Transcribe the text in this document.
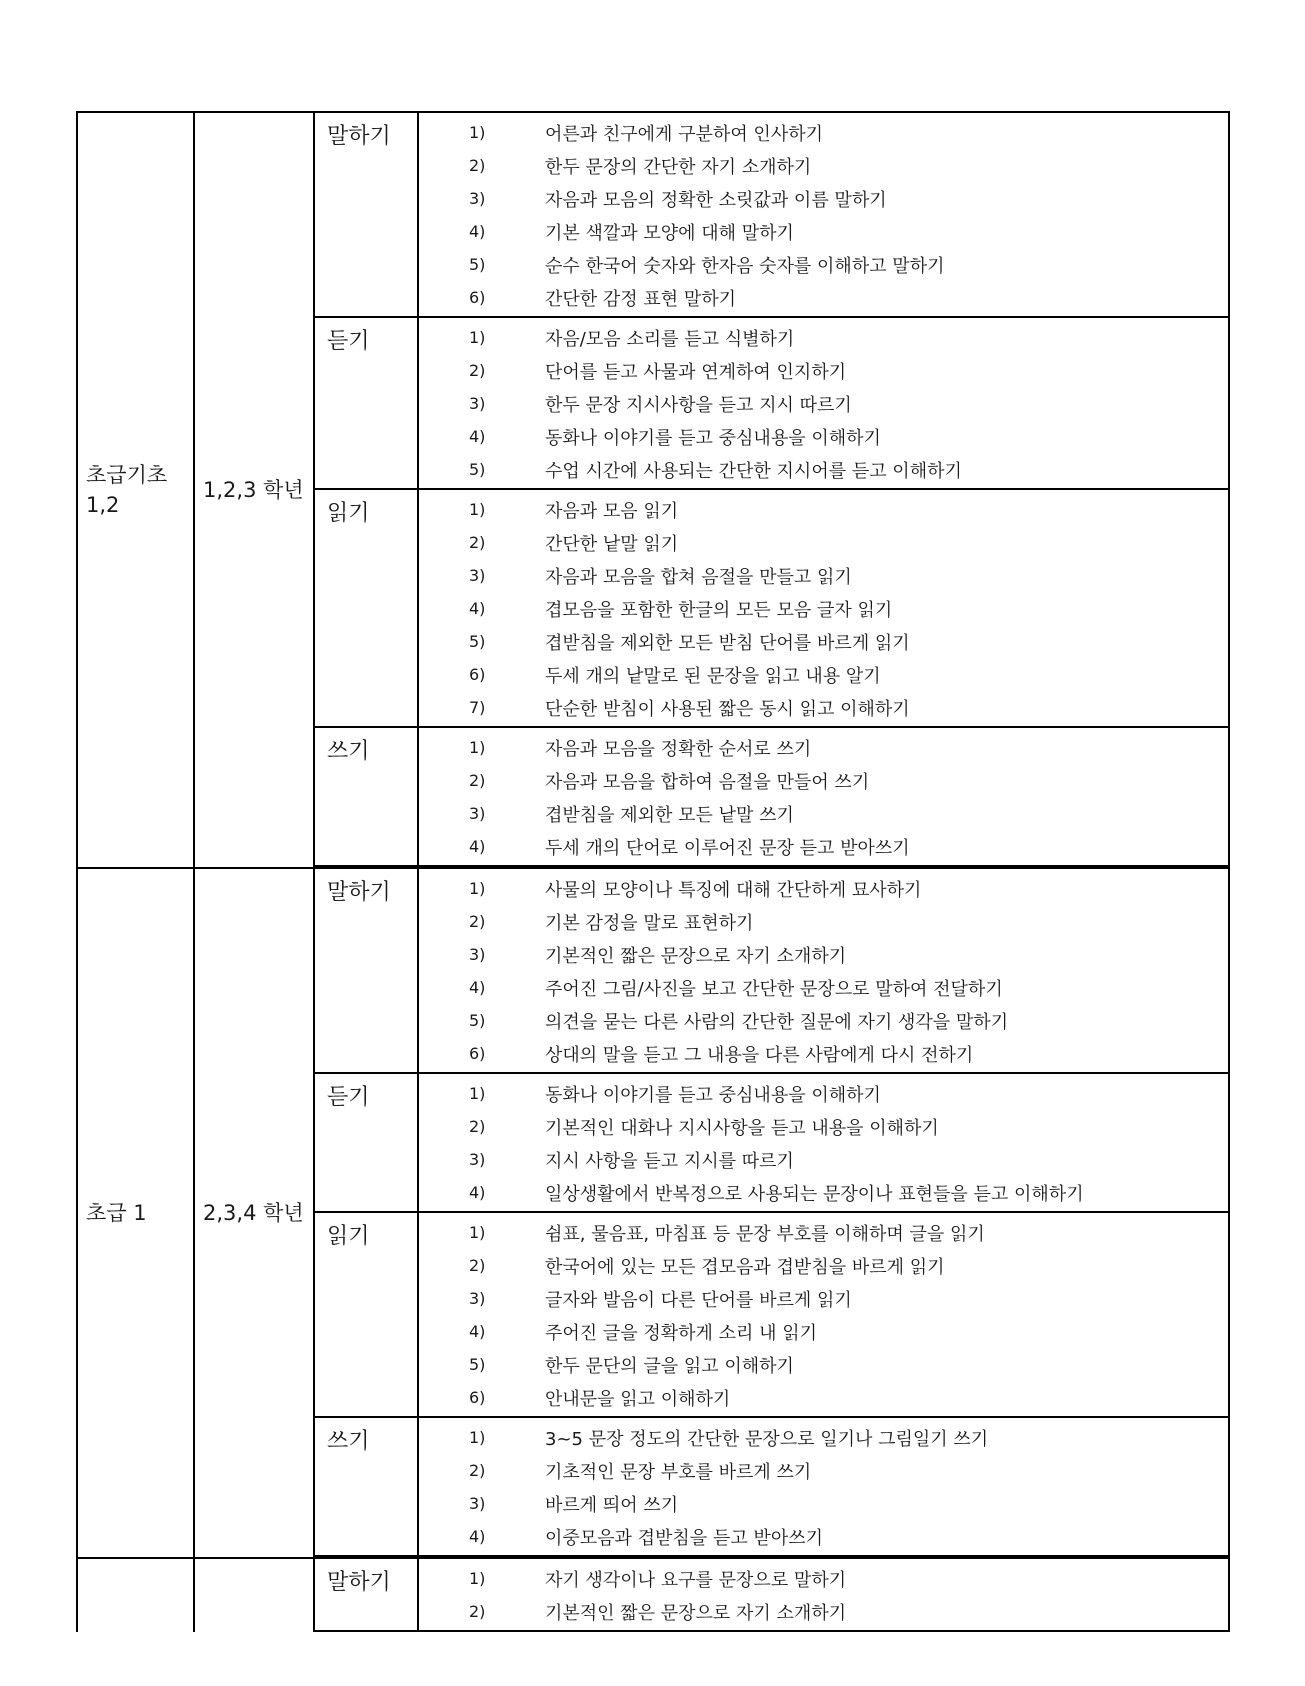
초급기초 1,2
1,2,3 학년
말하기	1)	어른과 친구에게 구분하여 인사하기
2)	한두 문장의 간단한 자기 소개하기
3)	자음과 모음의 정확한 소릿값과 이름 말하기
4)	기본 색깔과 모양에 대해 말하기
5)	순수 한국어 숫자와 한자음 숫자를 이해하고 말하기
6)	간단한 감정 표현 말하기
듣기	1)	자음/모음 소리를 듣고 식별하기
2)	단어를 듣고 사물과 연계하여 인지하기
3)	한두 문장 지시사항을 듣고 지시 따르기
4)	동화나 이야기를 듣고 중심내용을 이해하기
5)	수업 시간에 사용되는 간단한 지시어를 듣고 이해하기
읽기	1)	자음과 모음 읽기
2)	간단한 낱말 읽기
3)	자음과 모음을 합쳐 음절을 만들고 읽기
4)	겹모음을 포함한 한글의 모든 모음 글자 읽기
5)	겹받침을 제외한 모든 받침 단어를 바르게 읽기
6)	두세 개의 낱말로 된 문장을 읽고 내용 알기
7)	단순한 받침이 사용된 짧은 동시 읽고 이해하기
쓰기	1)	자음과 모음을 정확한 순서로 쓰기
2)	자음과 모음을 합하여 음절을 만들어 쓰기
3)	겹받침을 제외한 모든 낱말 쓰기
4)	두세 개의 단어로 이루어진 문장 듣고 받아쓰기
초급 1	2,3,4 학년
말하기	1)	사물의 모양이나 특징에 대해 간단하게 묘사하기
2)	기본 감정을 말로 표현하기
3)	기본적인 짧은 문장으로 자기 소개하기
4)	주어진 그림/사진을 보고 간단한 문장으로 말하여 전달하기
5)	의견을 묻는 다른 사람의 간단한 질문에 자기 생각을 말하기
6)	상대의 말을 듣고 그 내용을 다른 사람에게 다시 전하기
듣기	1)	동화나 이야기를 듣고 중심내용을 이해하기
2)	기본적인 대화나 지시사항을 듣고 내용을 이해하기
3)	지시 사항을 듣고 지시를 따르기
4)	일상생활에서 반복정으로 사용되는 문장이나 표현들을 듣고 이해하기
읽기	1)	쉼표, 물음표, 마침표 등 문장 부호를 이해하며 글을 읽기
2)	한국어에 있는 모든 겹모음과 겹받침을 바르게 읽기
3)	글자와 발음이 다른 단어를 바르게 읽기
4)	주어진 글을 정확하게 소리 내 읽기
5)	한두 문단의 글을 읽고 이해하기
6)	안내문을 읽고 이해하기
쓰기	1)	3~5 문장 정도의 간단한 문장으로 일기나 그림일기 쓰기
2)	기초적인 문장 부호를 바르게 쓰기
3)	바르게 띄어 쓰기
4)	이중모음과 겹받침을 듣고 받아쓰기
말하기	1)	자기 생각이나 요구를 문장으로 말하기
2)	기본적인 짧은 문장으로 자기 소개하기
